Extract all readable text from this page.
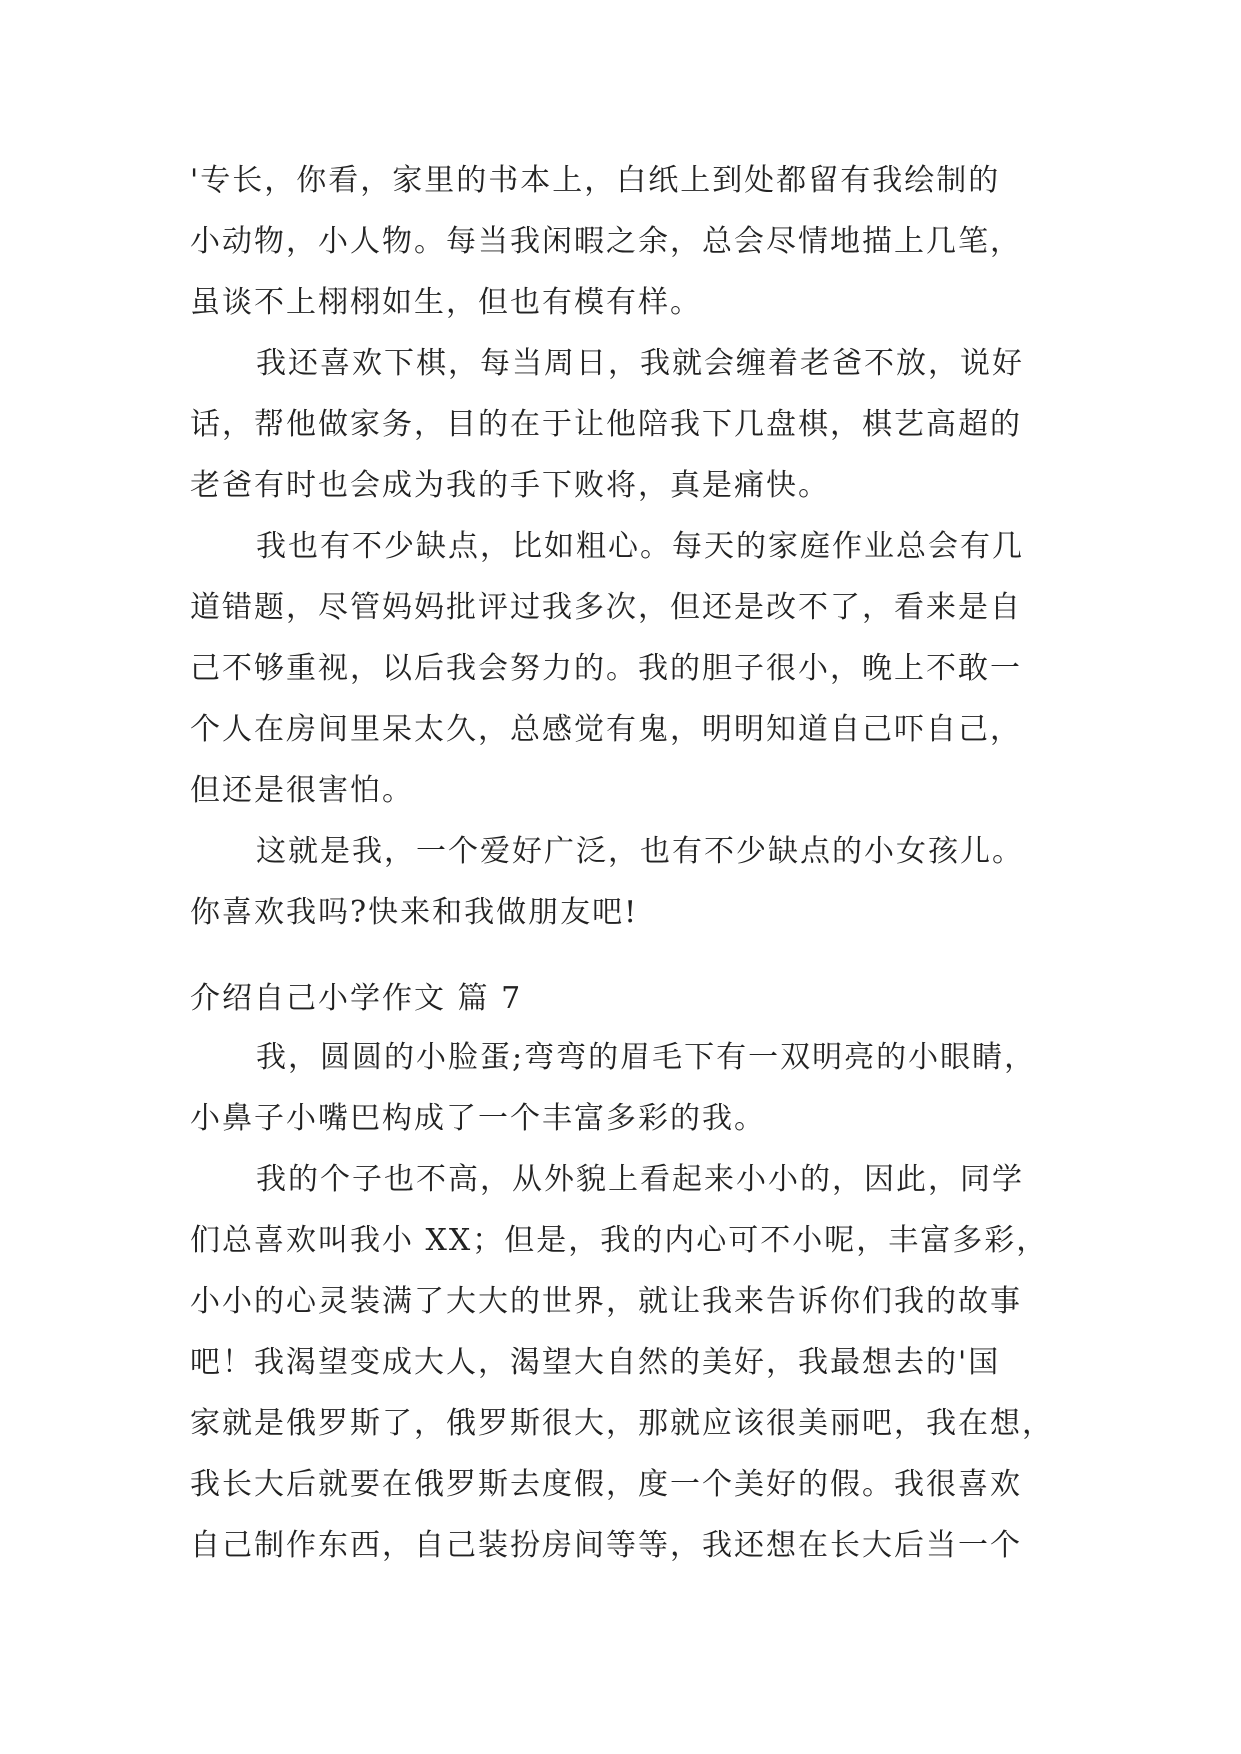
'专长，你看，家里的书本上，白纸上到处都留有我绘制的
小动物，小人物。每当我闲暇之余，总会尽情地描上几笔，
虽谈不上栩栩如生，但也有模有样。
我还喜欢下棋，每当周日，我就会缠着老爸不放，说好
话，帮他做家务，目的在于让他陪我下几盘棋，棋艺高超的
老爸有时也会成为我的手下败将，真是痛快。
我也有不少缺点，比如粗心。每天的家庭作业总会有几
道错题，尽管妈妈批评过我多次，但还是改不了，看来是自
己不够重视，以后我会努力的。我的胆子很小，晚上不敢一
个人在房间里呆太久，总感觉有鬼，明明知道自己吓自己，
但还是很害怕。
这就是我，一个爱好广泛，也有不少缺点的小女孩儿。
你喜欢我吗?快来和我做朋友吧!
介绍自己小学作文 篇 7
我，圆圆的小脸蛋;弯弯的眉毛下有一双明亮的小眼睛，
小鼻子小嘴巴构成了一个丰富多彩的我。
我的个子也不高，从外貌上看起来小小的，因此，同学
们总喜欢叫我小 XX；但是，我的内心可不小呢，丰富多彩，
小小的心灵装满了大大的世界，就让我来告诉你们我的故事
吧！我渴望变成大人，渴望大自然的美好，我最想去的'国
家就是俄罗斯了，俄罗斯很大，那就应该很美丽吧，我在想，
我长大后就要在俄罗斯去度假，度一个美好的假。我很喜欢
自己制作东西，自己装扮房间等等，我还想在长大后当一个
